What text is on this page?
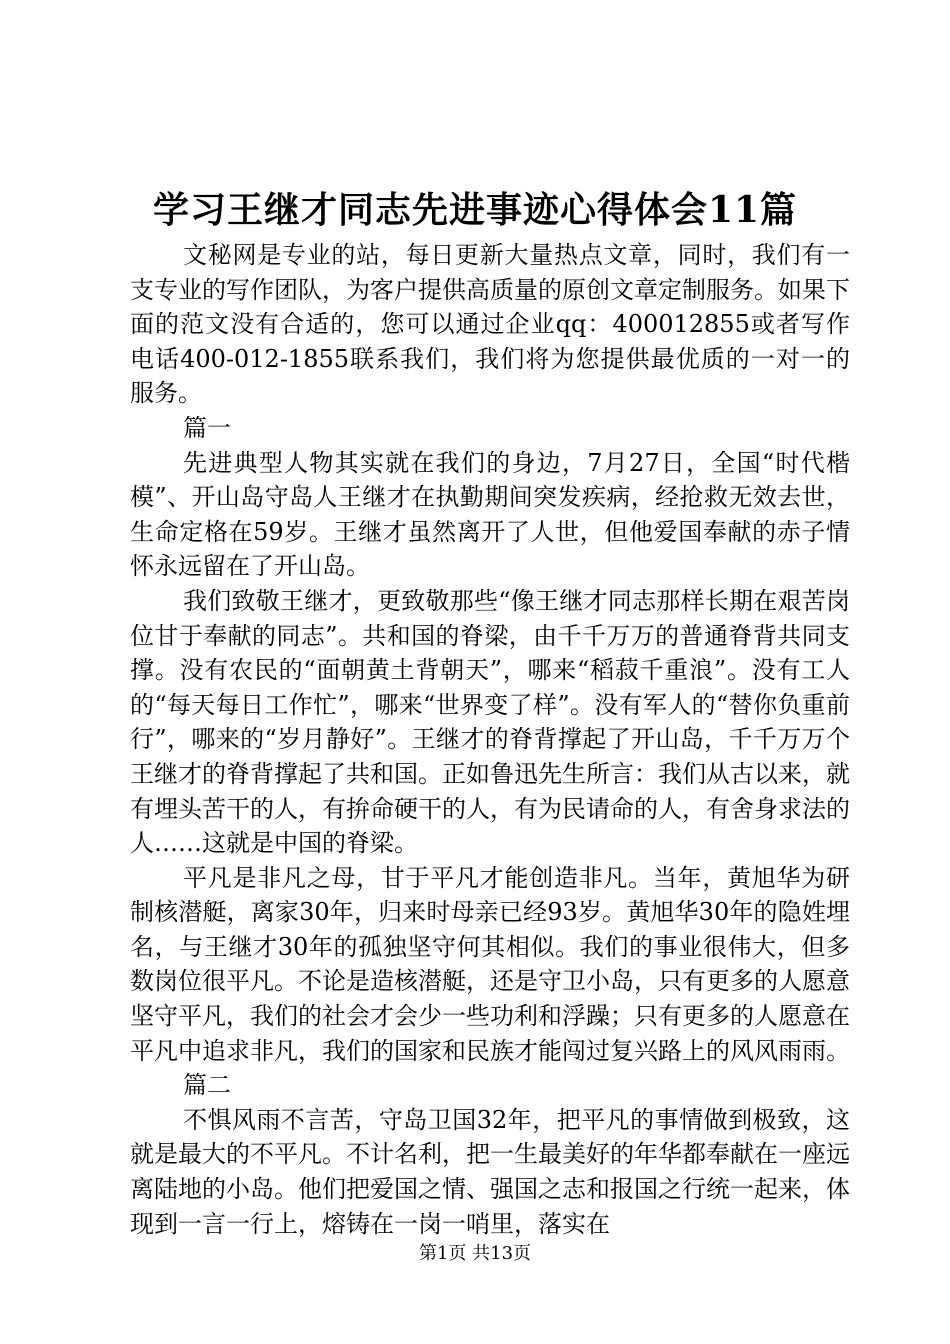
学习王继才同志先进事迹心得体会11篇

文秘网是专业的站，每日更新大量热点文章，同时，我们有一支专业的写作团队，为客户提供高质量的原创文章定制服务。如果下面的范文没有合适的，您可以通过企业qq：400012855或者写作电话400-012-1855联系我们，我们将为您提供最优质的一对一的服务。

篇一

先进典型人物其实就在我们的身边，7月27日，全国“时代楷模”、开山岛守岛人王继才在执勤期间突发疾病，经抢救无效去世，生命定格在59岁。王继才虽然离开了人世，但他爱国奉献的赤子情怀永远留在了开山岛。

我们致敬王继才，更致敬那些“像王继才同志那样长期在艰苦岗位甘于奉献的同志”。共和国的脊梁，由千千万万的普通脊背共同支撑。没有农民的“面朝黄土背朝天”，哪来“稻菽千重浪”。没有工人的“每天每日工作忙”，哪来“世界变了样”。没有军人的“替你负重前行”，哪来的“岁月静好”。王继才的脊背撑起了开山岛，千千万万个王继才的脊背撑起了共和国。正如鲁迅先生所言：我们从古以来，就有埋头苦干的人，有拚命硬干的人，有为民请命的人，有舍身求法的人……这就是中国的脊梁。

平凡是非凡之母，甘于平凡才能创造非凡。当年，黄旭华为研制核潜艇，离家30年，归来时母亲已经93岁。黄旭华30年的隐姓埋名，与王继才30年的孤独坚守何其相似。我们的事业很伟大，但多数岗位很平凡。不论是造核潜艇，还是守卫小岛，只有更多的人愿意坚守平凡，我们的社会才会少一些功利和浮躁；只有更多的人愿意在平凡中追求非凡，我们的国家和民族才能闯过复兴路上的风风雨雨。

篇二

不惧风雨不言苦，守岛卫国32年，把平凡的事情做到极致，这就是最大的不平凡。不计名利，把一生最美好的年华都奉献在一座远离陆地的小岛。他们把爱国之情、强国之志和报国之行统一起来，体现到一言一行上，熔铸在一岗一哨里，落实在

第1页 共13页
